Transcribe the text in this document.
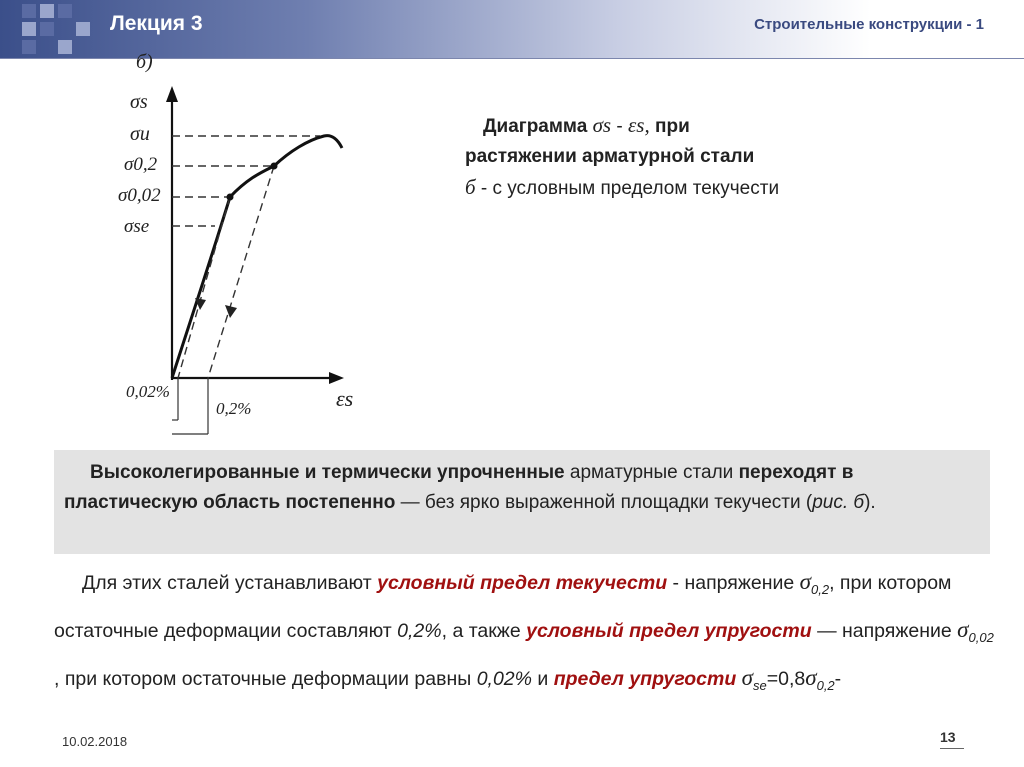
Лекция 3	Строительные конструкции - 1
б)
σs
σu
σ0,2
σ0,02
σse
εs
0,02%
0,2%
Диаграмма σs - εs, при
растяжении арматурной стали
б - с условным пределом текучести
Высоколегированные и термически упрочненные арматурные стали переходят в пластическую область постепенно — без ярко выраженной площадки текучести (рис. б).
Для этих сталей устанавливают условный предел текучести - напряжение $\sigma_{0,2}$, при котором остаточные деформации составляют 0,2%, а также условный предел упругости — напряжение $\sigma_{0,02}$ , при котором остаточные деформации равны 0,02% и предел упругости $\sigma_{se}=0,8\sigma_{0,2}-$
10.02.2018	13
